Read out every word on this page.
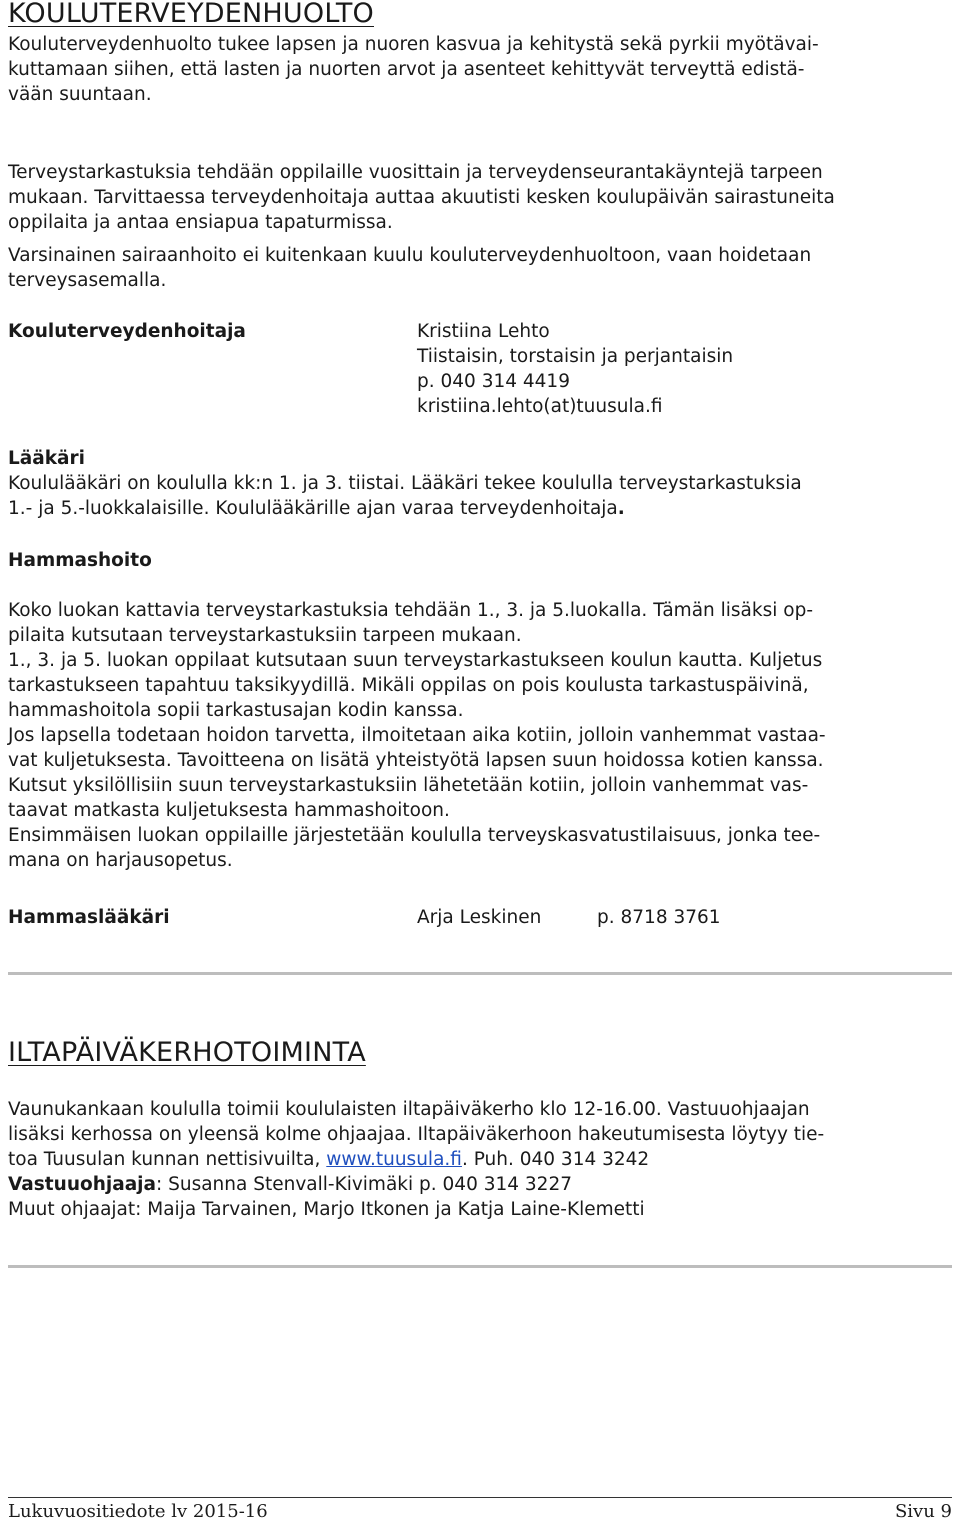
KOULUTERVEYDENHUOLTO
Kouluterveydenhuolto tukee lapsen ja nuoren kasvua ja kehitystä sekä pyrkii myötävai-
kuttamaan siihen, että lasten ja nuorten arvot ja asenteet kehittyvät terveyttä edistä-
vään suuntaan.
Terveystarkastuksia tehdään oppilaille vuosittain ja terveydenseurantakäyntejä tarpeen
mukaan. Tarvittaessa terveydenhoitaja auttaa akuutisti kesken koulupäivän sairastuneita
oppilaita ja antaa ensiapua tapaturmissa.
Varsinainen sairaanhoito ei kuitenkaan kuulu kouluterveydenhuoltoon, vaan hoidetaan
terveysasemalla.
Kouluterveydenhoitaja	Kristiina Lehto
Tiistaisin, torstaisin ja perjantaisin
p. 040 314 4419
kristiina.lehto(at)tuusula.fi
Lääkäri
Koululääkäri on koululla kk:n 1. ja 3. tiistai. Lääkäri tekee koululla terveystarkastuksia
1.- ja 5.-luokkalaisille. Koululääkärille ajan varaa terveydenhoitaja.
Hammashoito
Koko luokan kattavia terveystarkastuksia tehdään 1., 3. ja 5.luokalla. Tämän lisäksi op-
pilaita kutsutaan terveystarkastuksiin tarpeen mukaan.
1., 3. ja 5. luokan oppilaat kutsutaan suun terveystarkastukseen koulun kautta. Kuljetus
tarkastukseen tapahtuu taksikyydillä. Mikäli oppilas on pois koulusta tarkastuspäivinä,
hammashoitola sopii tarkastusajan kodin kanssa.
Jos lapsella todetaan hoidon tarvetta, ilmoitetaan aika kotiin, jolloin vanhemmat vastaa-
vat kuljetuksesta. Tavoitteena on lisätä yhteistyötä lapsen suun hoidossa kotien kanssa.
Kutsut yksilöllisiin suun terveystarkastuksiin lähetetään kotiin, jolloin vanhemmat vas-
taavat matkasta kuljetuksesta hammashoitoon.
Ensimmäisen luokan oppilaille järjestetään koululla terveyskasvatustilaisuus, jonka tee-
mana on harjausopetus.
Hammaslääkäri	Arja Leskinen	p. 8718 3761
ILTAPÄIVÄKERHOTOIMINTA
Vaunukankaan koululla toimii koululaisten iltapäiväkerho klo 12-16.00. Vastuuohjaajan
lisäksi kerhossa on yleensä kolme ohjaajaa. Iltapäiväkerhoon hakeutumisesta löytyy tie-
toa Tuusulan kunnan nettisivuilta, www.tuusula.fi. Puh. 040 314 3242
Vastuuohjaaja: Susanna Stenvall-Kivimäki p. 040 314 3227
Muut ohjaajat: Maija Tarvainen, Marjo Itkonen ja Katja Laine-Klemetti
Lukuvuositiedote lv 2015-16	Sivu 9
